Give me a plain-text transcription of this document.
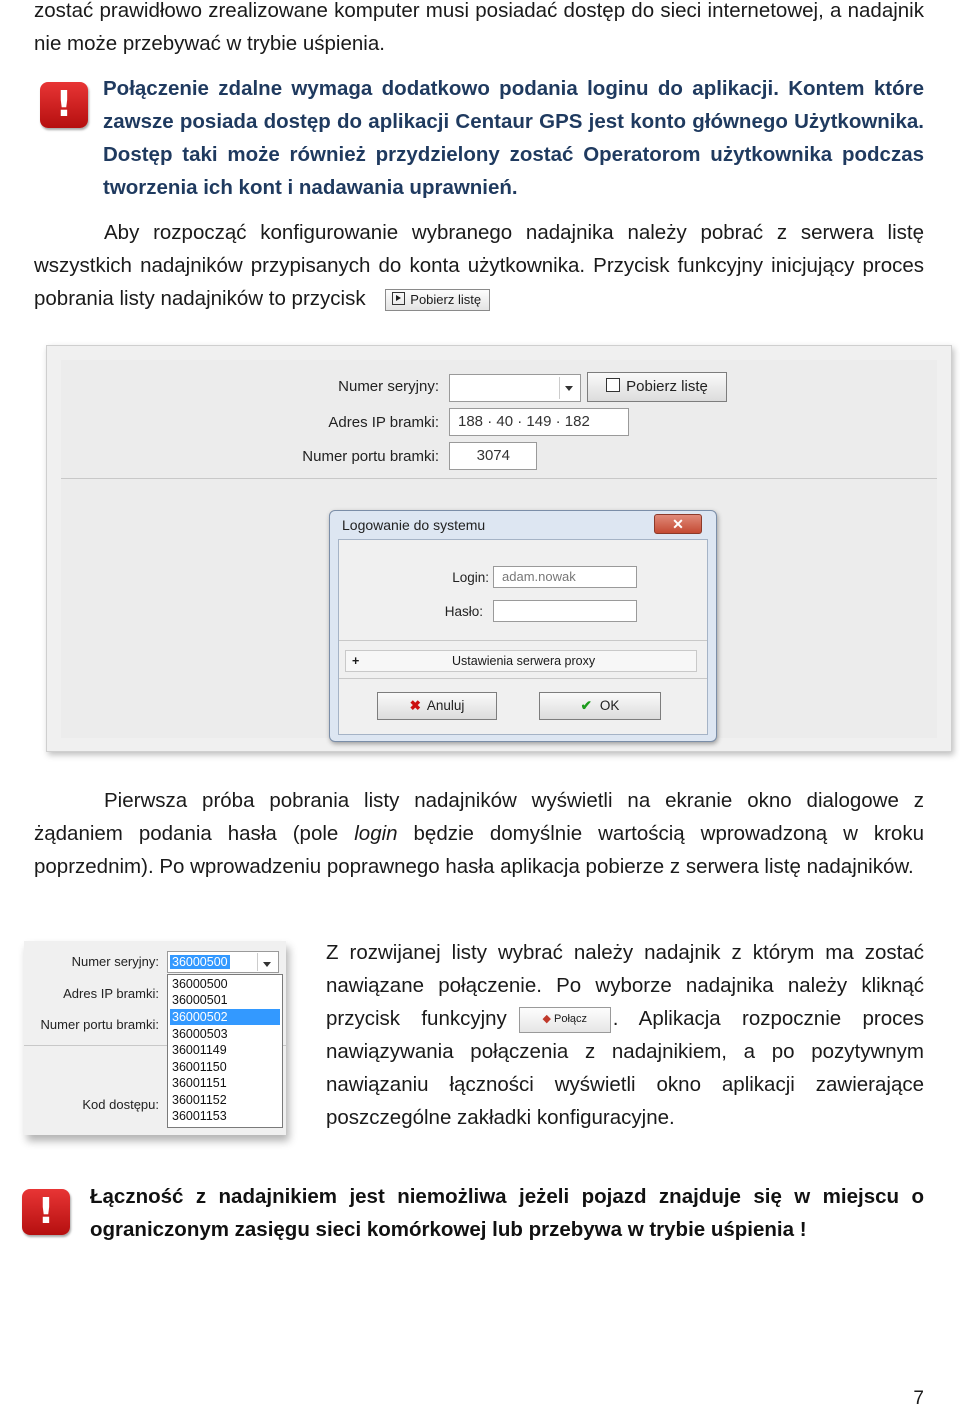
zostać prawidłowo zrealizowane komputer musi posiadać dostęp do sieci internetowej, a nadajnik nie może przebywać w trybie uśpienia.
!	Połączenie zdalne wymaga dodatkowo podania loginu do aplikacji. Kontem które zawsze posiada dostęp do aplikacji Centaur GPS jest konto głównego Użytkownika. Dostęp taki może również przydzielony zostać Operatorom użytkownika podczas tworzenia ich kont i nadawania uprawnień.
Aby rozpocząć konfigurowanie wybranego nadajnika należy pobrać z serwera listę wszystkich nadajników przypisanych do konta użytkownika. Przycisk funkcyjny inicjujący proces pobrania listy nadajników to przycisk	Pobierz listę
Numer seryjny:	Pobierz listę
Adres IP bramki:	188 · 40 · 149 · 182
Numer portu bramki:	3074
Logowanie do systemu	✕
Login:	adam.nowak
Hasło:
+	Ustawienia serwera proxy
✖ Anuluj	✔ OK
Pierwsza próba pobrania listy nadajników wyświetli na ekranie okno dialogowe z żądaniem podania hasła (pole login będzie domyślnie wartością wprowadzoną w kroku poprzednim). Po wprowadzeniu poprawnego hasła aplikacja pobierze z serwera listę nadajników.
Numer seryjny:	36000500
Adres IP bramki:
Numer portu bramki:
Kod dostępu:
36000500
36000501
36000502
36000503
36001149
36001150
36001151
36001152
36001153
Z rozwijanej listy wybrać należy nadajnik z którym ma zostać nawiązane połączenie. Po wyborze nadajnika należy kliknąć przycisk funkcyjny	◆ Połącz . Aplikacja rozpocznie proces nawiązywania połączenia z nadajnikiem, a po pozytywnym nawiązaniu łączności wyświetli okno aplikacji zawierające poszczególne zakładki konfiguracyjne.
!	Łączność z nadajnikiem jest niemożliwa jeżeli pojazd znajduje się w miejscu o ograniczonym zasięgu sieci komórkowej lub przebywa w trybie uśpienia !
7
